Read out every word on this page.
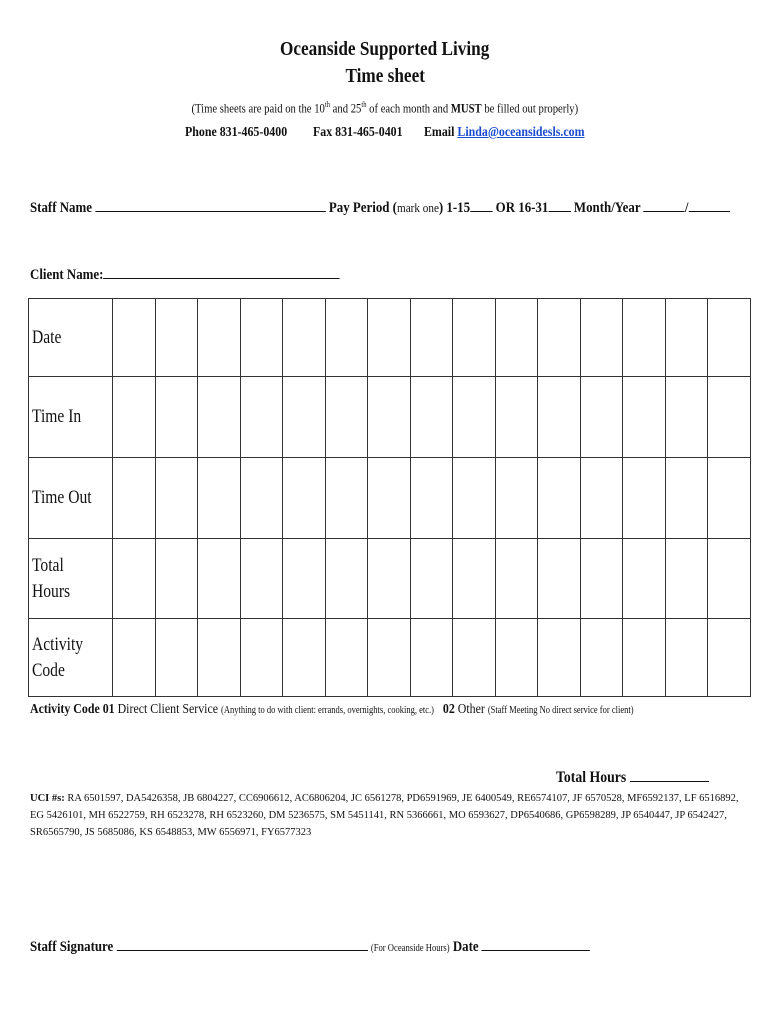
Oceanside Supported Living
Time sheet
(Time sheets are paid on the 10th and 25th of each month and MUST be filled out properly)
Phone 831-465-0400	Fax 831-465-0401	Email Linda@oceansidesls.com
Staff Name	Pay Period (mark one) 1-15 OR 16-31 Month/Year	/
Client Name:
Date															
Time In															
Time Out															
Total Hours															
Activity Code															
Activity Code 01 Direct Client Service (Anything to do with client: errands, overnights, cooking, etc.) 02 Other (Staff Meeting No direct service for client)
Total Hours
UCI #s: RA 6501597, DA5426358, JB 6804227, CC6906612, AC6806204, JC 6561278, PD6591969, JE 6400549, RE6574107, JF 6570528, MF6592137, LF 6516892, EG 5426101, MH 6522759, RH 6523278, RH 6523260, DM 5236575, SM 5451141, RN 5366661, MO 6593627, DP6540686, GP6598289, JP 6540447, JP 6542427, SR6565790, JS 5685086, KS 6548853, MW 6556971, FY6577323
Staff Signature	(For Oceanside Hours) Date
